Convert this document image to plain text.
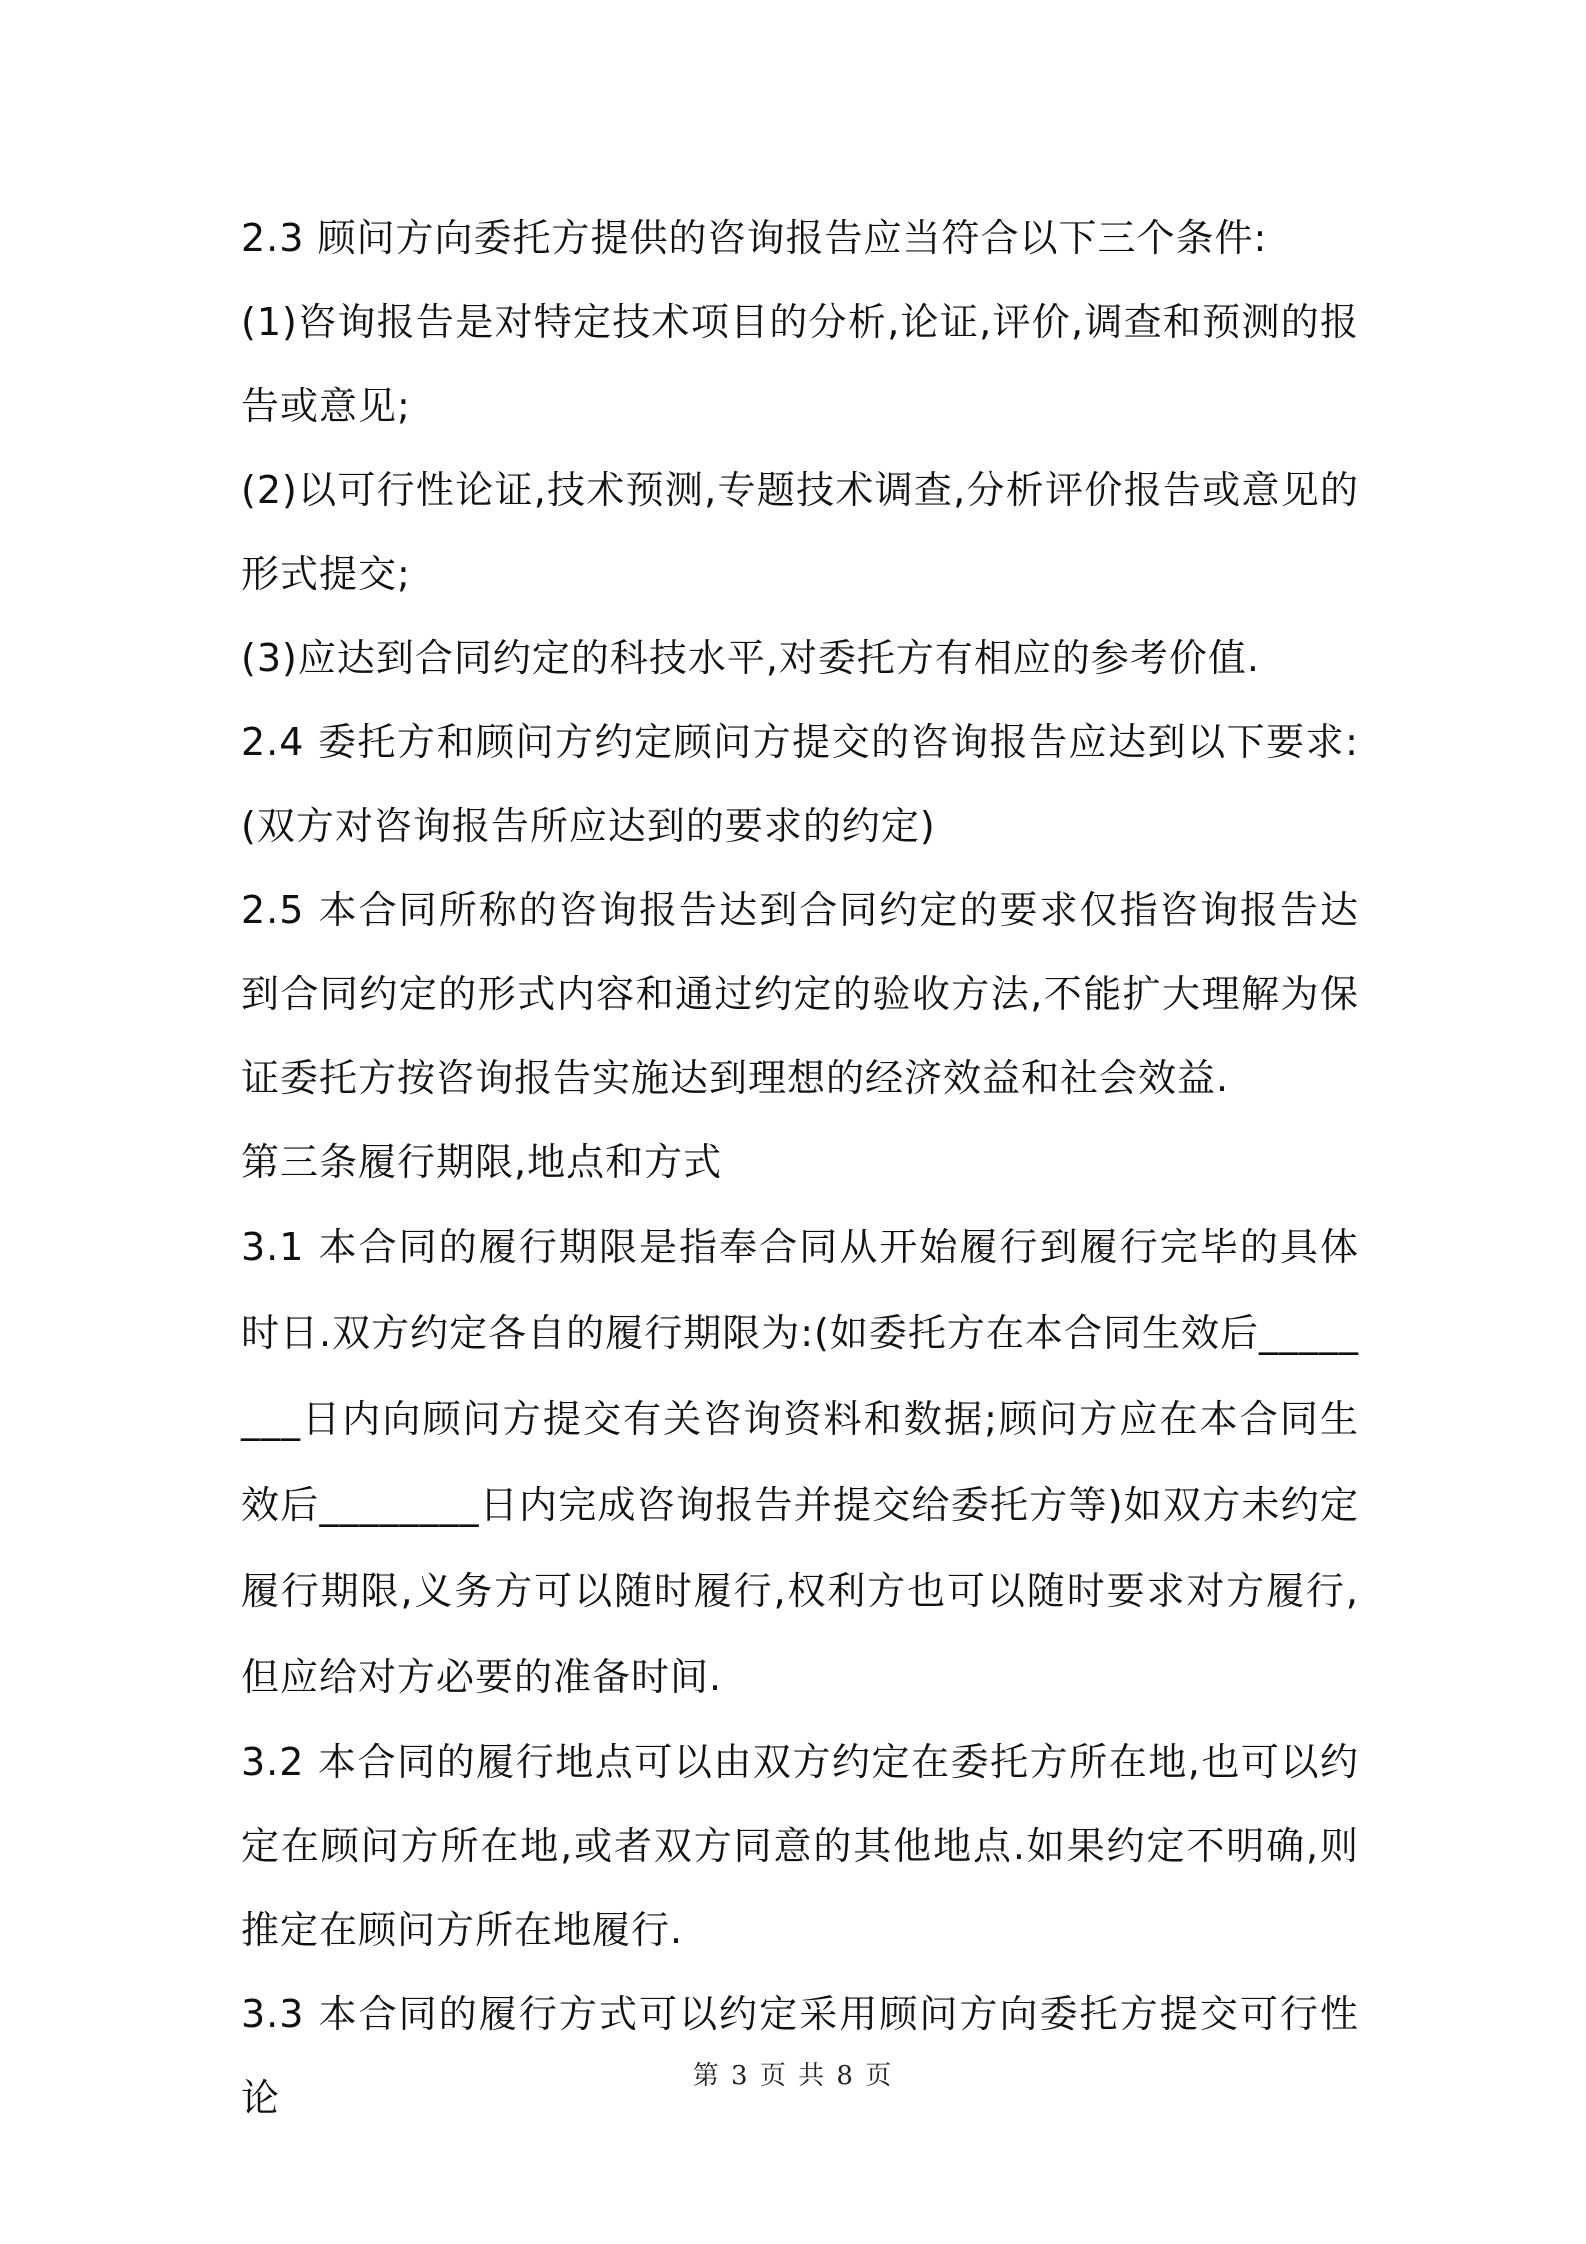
2.3 顾问方向委托方提供的咨询报告应当符合以下三个条件:

(1)咨询报告是对特定技术项目的分析,论证,评价,调查和预测的报告或意见;

(2)以可行性论证,技术预测,专题技术调查,分析评价报告或意见的形式提交;

(3)应达到合同约定的科技水平,对委托方有相应的参考价值.

2.4 委托方和顾问方约定顾问方提交的咨询报告应达到以下要求:(双方对咨询报告所应达到的要求的约定)

2.5 本合同所称的咨询报告达到合同约定的要求仅指咨询报告达到合同约定的形式内容和通过约定的验收方法,不能扩大理解为保证委托方按咨询报告实施达到理想的经济效益和社会效益.

第三条履行期限,地点和方式

3.1 本合同的履行期限是指奉合同从开始履行到履行完毕的具体时日.双方约定各自的履行期限为:(如委托方在本合同生效后________日内向顾问方提交有关咨询资料和数据;顾问方应在本合同生效后________日内完成咨询报告并提交给委托方等)如双方未约定履行期限,义务方可以随时履行,权利方也可以随时要求对方履行,但应给对方必要的准备时间.

3.2 本合同的履行地点可以由双方约定在委托方所在地,也可以约定在顾问方所在地,或者双方同意的其他地点.如果约定不明确,则推定在顾问方所在地履行.

3.3 本合同的履行方式可以约定采用顾问方向委托方提交可行性论	第 3 页 共 8 页
